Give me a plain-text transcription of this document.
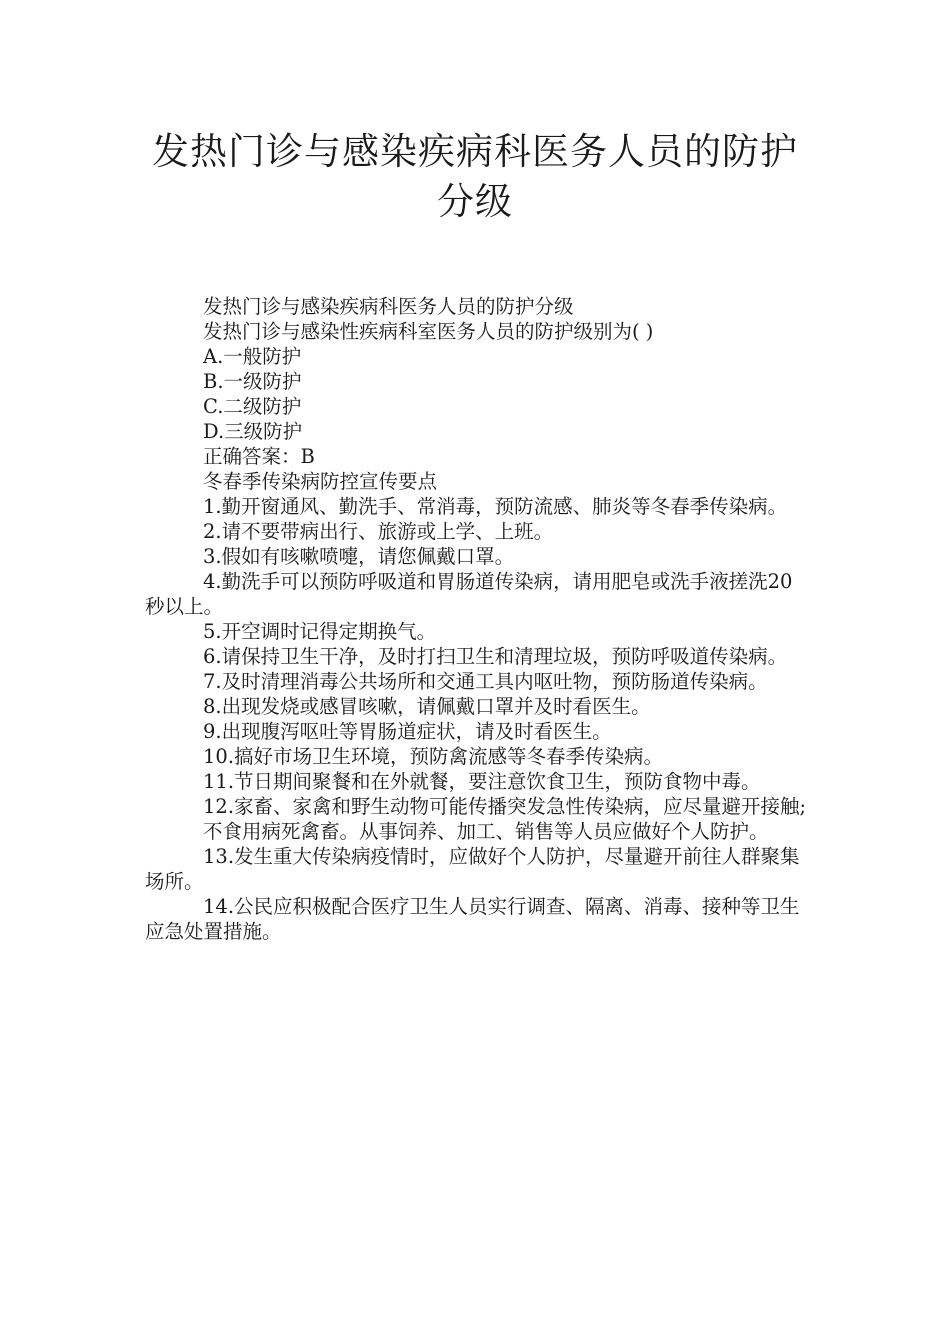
发热门诊与感染疾病科医务人员的防护分级

发热门诊与感染疾病科医务人员的防护分级

发热门诊与感染性疾病科室医务人员的防护级别为( )

A.一般防护

B.一级防护

C.二级防护

D.三级防护

正确答案：B

冬春季传染病防控宣传要点

1.勤开窗通风、勤洗手、常消毒，预防流感、肺炎等冬春季传染病。

2.请不要带病出行、旅游或上学、上班。

3.假如有咳嗽喷嚏，请您佩戴口罩。

4.勤洗手可以预防呼吸道和胃肠道传染病，请用肥皂或洗手液搓洗20秒以上。

5.开空调时记得定期换气。

6.请保持卫生干净，及时打扫卫生和清理垃圾，预防呼吸道传染病。

7.及时清理消毒公共场所和交通工具内呕吐物，预防肠道传染病。

8.出现发烧或感冒咳嗽，请佩戴口罩并及时看医生。

9.出现腹泻呕吐等胃肠道症状，请及时看医生。

10.搞好市场卫生环境，预防禽流感等冬春季传染病。

11.节日期间聚餐和在外就餐，要注意饮食卫生，预防食物中毒。

12.家畜、家禽和野生动物可能传播突发急性传染病，应尽量避开接触;

不食用病死禽畜。从事饲养、加工、销售等人员应做好个人防护。

13.发生重大传染病疫情时，应做好个人防护，尽量避开前往人群聚集场所。

14.公民应积极配合医疗卫生人员实行调查、隔离、消毒、接种等卫生应急处置措施。
